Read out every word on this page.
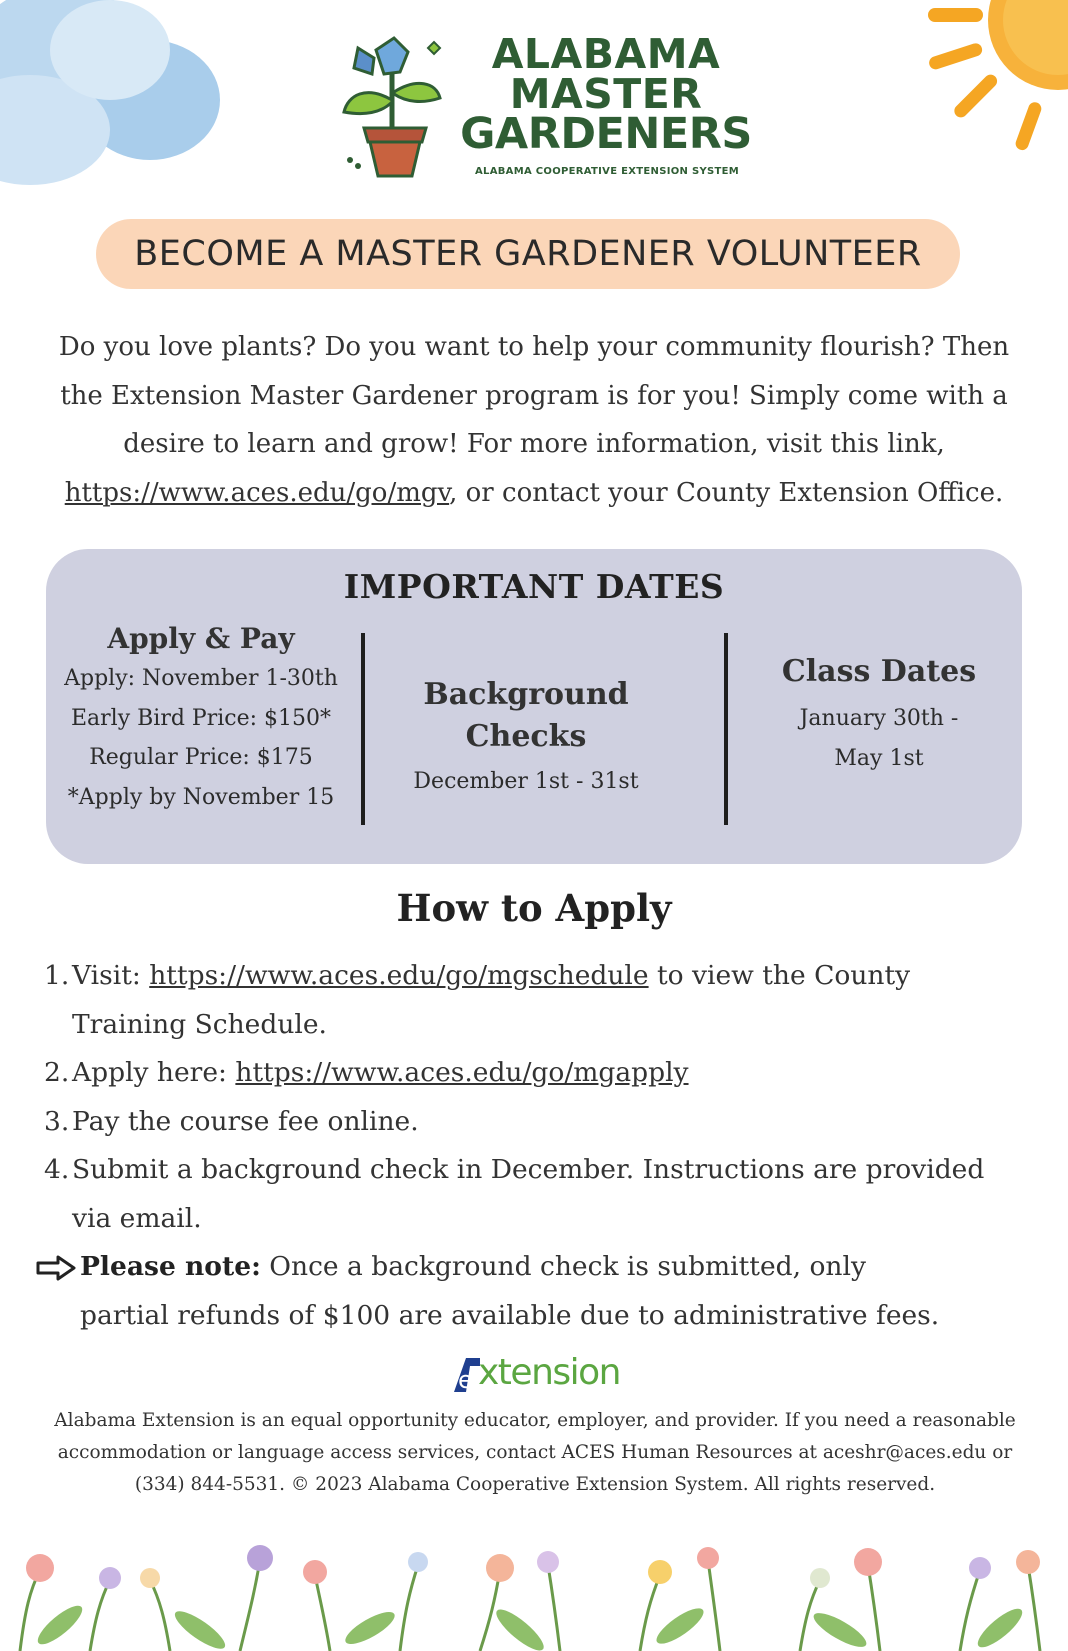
ALABAMA
MASTER
GARDENERS
ALABAMA COOPERATIVE EXTENSION SYSTEM
BECOME A MASTER GARDENER VOLUNTEER
Do you love plants? Do you want to help your community flourish? Then
the Extension Master Gardener program is for you! Simply come with a
desire to learn and grow! For more information, visit this link,
https://www.aces.edu/go/mgv, or contact your County Extension Office.
IMPORTANT DATES
Apply & Pay
Apply: November 1-30th
Early Bird Price: $150*
Regular Price: $175
*Apply by November 15
Background Checks
December 1st - 31st
Class Dates
January 30th -
May 1st
How to Apply
1. Visit: https://www.aces.edu/go/mgschedule to view the County
Training Schedule.
2. Apply here: https://www.aces.edu/go/mgapply
3. Pay the course fee online.
4. Submit a background check in December. Instructions are provided
via email.
Please note: Once a background check is submitted, only
partial refunds of $100 are available due to administrative fees.
e xtension
Alabama Extension is an equal opportunity educator, employer, and provider. If you need a reasonable
accommodation or language access services, contact ACES Human Resources at aceshr@aces.edu or
(334) 844-5531. © 2023 Alabama Cooperative Extension System. All rights reserved.
